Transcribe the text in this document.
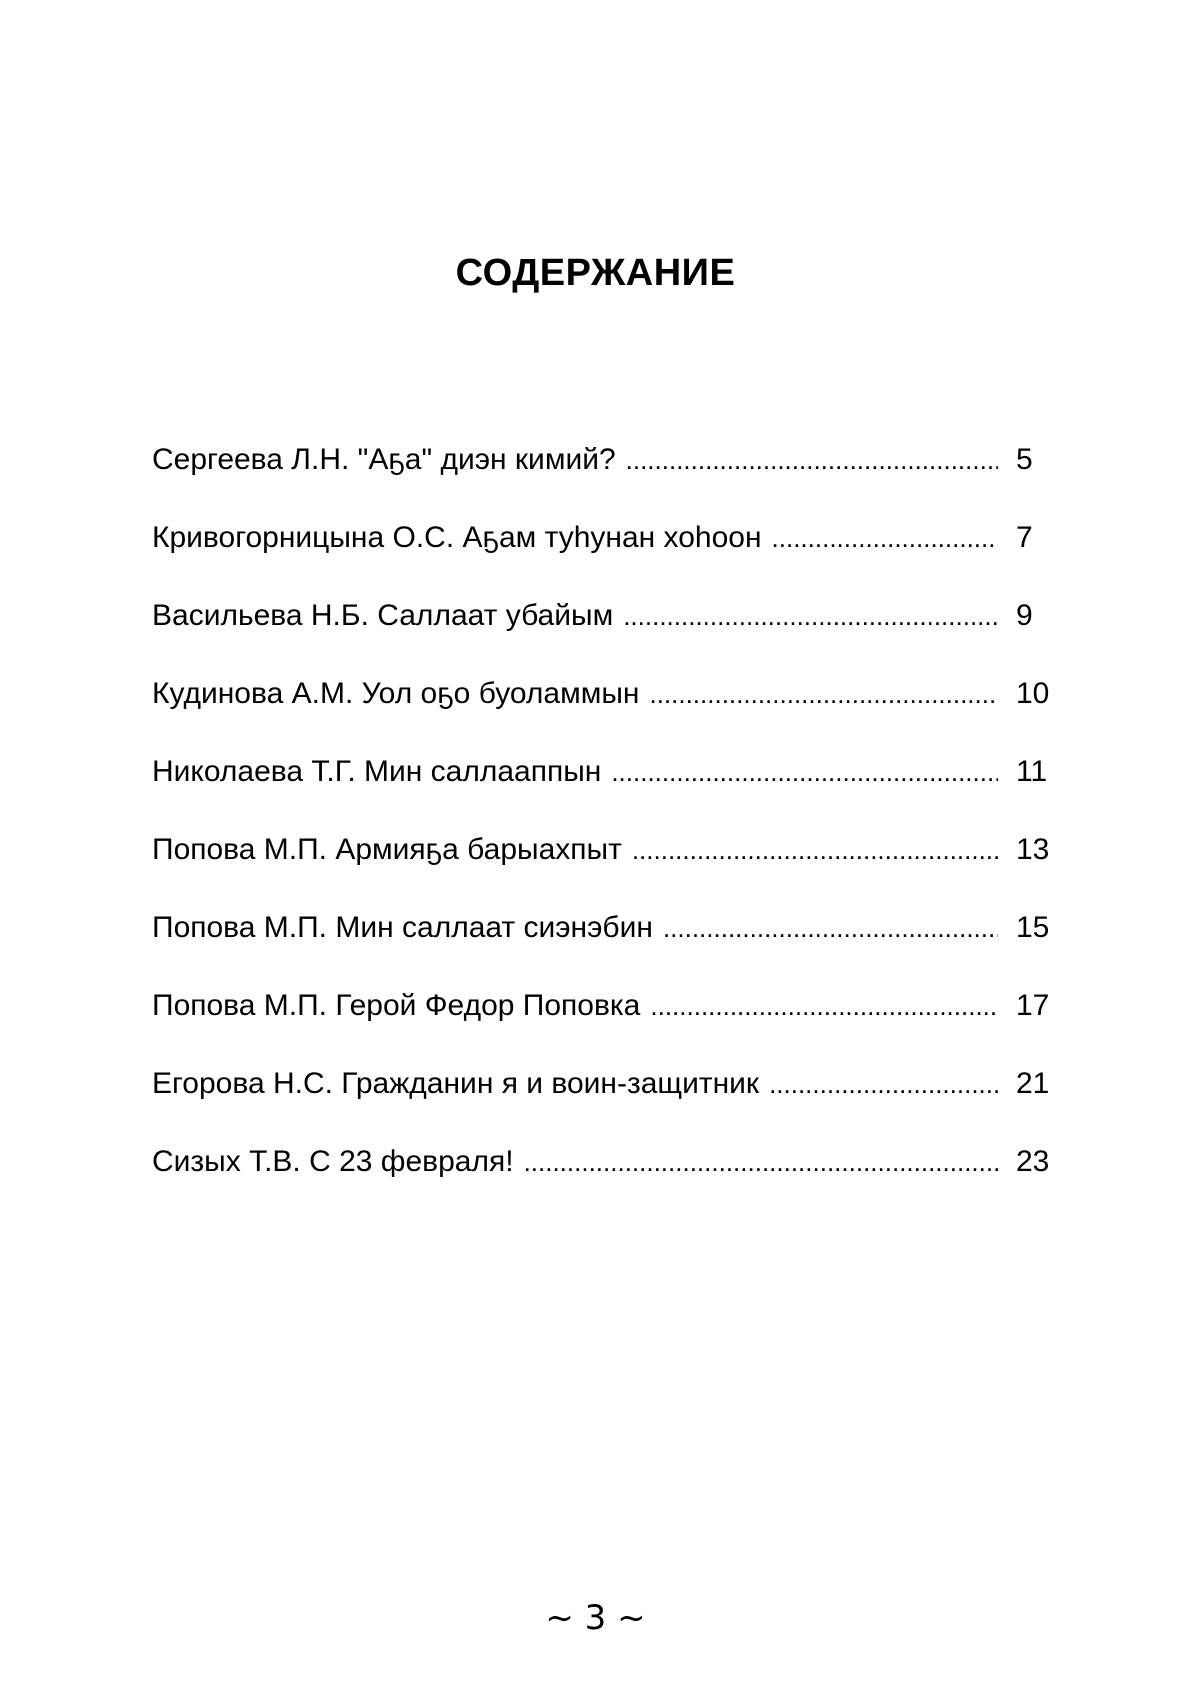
СОДЕРЖАНИЕ
Сергеева Л.Н. "Аҕа" диэн кимий? .....	5
Кривогорницына О.С. Аҕам туһунан хоһоон .....	7
Васильева Н.Б. Саллаат убайым .....	9
Кудинова А.М. Уол оҕо буоламмын .....	10
Николаева Т.Г. Мин саллааппын .....	11
Попова М.П. Армияҕа барыахпыт .....	13
Попова М.П. Мин саллаат сиэнэбин .....	15
Попова М.П. Герой Федор Поповка .....	17
Егорова Н.С. Гражданин я и воин-защитник .....	21
Сизых Т.В. С 23 февраля! .....	23

~ 3 ~
